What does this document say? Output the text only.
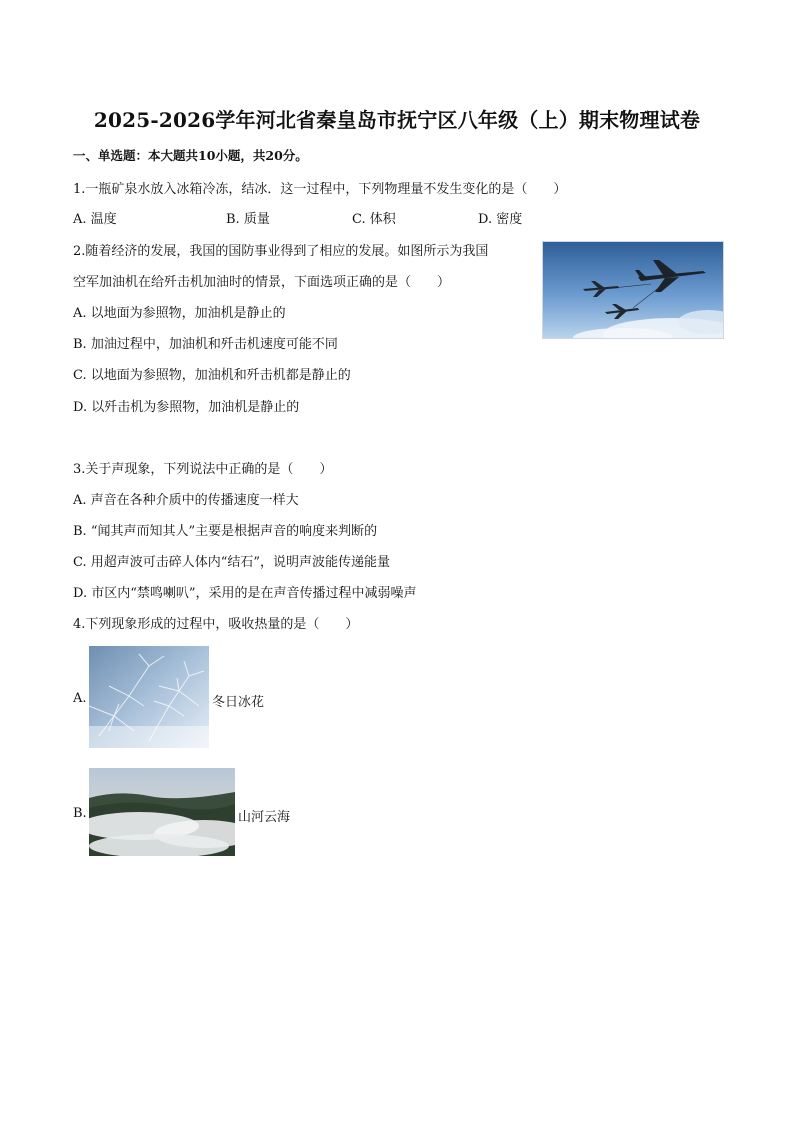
2025-2026学年河北省秦皇岛市抚宁区八年级（上）期末物理试卷
一、单选题：本大题共10小题，共20分。
1.一瓶矿泉水放入冰箱冷冻，结冰．这一过程中，下列物理量不发生变化的是（　　）
A. 温度	B. 质量	C. 体积	D. 密度
2.随着经济的发展，我国的国防事业得到了相应的发展。如图所示为我国
空军加油机在给歼击机加油时的情景，下面选项正确的是（　　）
A. 以地面为参照物，加油机是静止的
B. 加油过程中，加油机和歼击机速度可能不同
C. 以地面为参照物，加油机和歼击机都是静止的
D. 以歼击机为参照物，加油机是静止的
3.关于声现象，下列说法中正确的是（　　）
A. 声音在各种介质中的传播速度一样大
B. “闻其声而知其人”主要是根据声音的响度来判断的
C. 用超声波可击碎人体内“结石”，说明声波能传递能量
D. 市区内“禁鸣喇叭”，采用的是在声音传播过程中减弱噪声
4.下列现象形成的过程中，吸收热量的是（　　）
A.	冬日冰花
B.	山河云海
